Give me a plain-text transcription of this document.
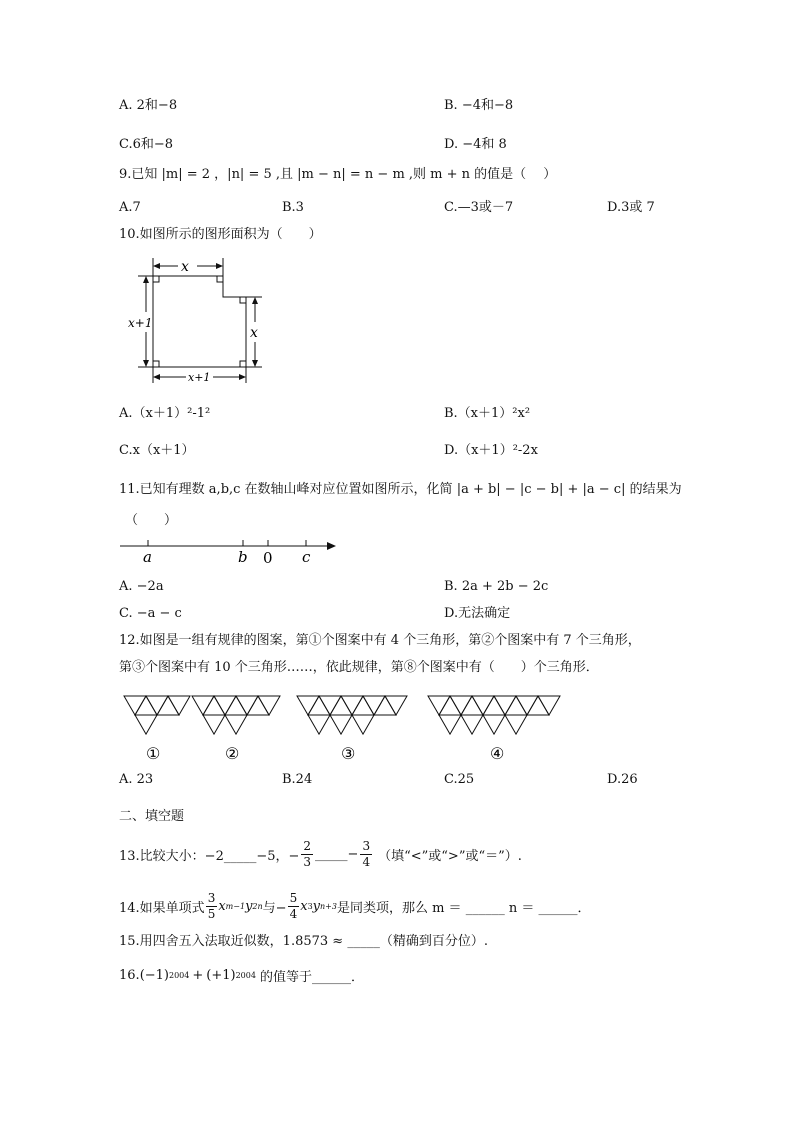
A. 2和−8	B. −4和−8
C.6和−8	D. −4和 8
9.已知 |m| = 2 ，|n| = 5 ,且 |m − n| = n − m ,则 m + n 的值是（　 ）
A.7	B.3	C.—3或－7	D.3或 7
10.如图所示的图形面积为（　　）
x
x
x+1
x+1
A.（x＋1）²-1²	B.（x＋1）²x²
C.x（x＋1）	D.（x＋1）²-2x
11.已知有理数 a,b,c 在数轴山峰对应位置如图所示，化简 |a + b| − |c − b| + |a − c| 的结果为
（　　）
a	b 0 c
A. −2a	B. 2a + 2b − 2c
C. −a − c	D.无法确定
12.如图是一组有规律的图案，第①个图案中有 4 个三角形，第②个图案中有 7 个三角形，
第③个图案中有 10 个三角形……，依此规律，第⑧个图案中有（　　）个三角形．
①	②	③	④
A. 23	B.24	C.25	D.26
二、填空题
13.比较大小：−2_____−5，− $\frac{2}{3}$ _____− $\frac{3}{4}$ （填“<”或“>”或“＝”）.
14.如果单项式 $\frac{3}{5}$ x m−1 y 2n 与− $\frac{5}{4}$ x 3 y n+3 是同类项，那么 m ＝ ______ n ＝ ______．
15.用四舍五入法取近似数，1.8573 ≈ _____（精确到百分位）.
16. (−1) 2004 + (+1) 2004 的值等于______．
